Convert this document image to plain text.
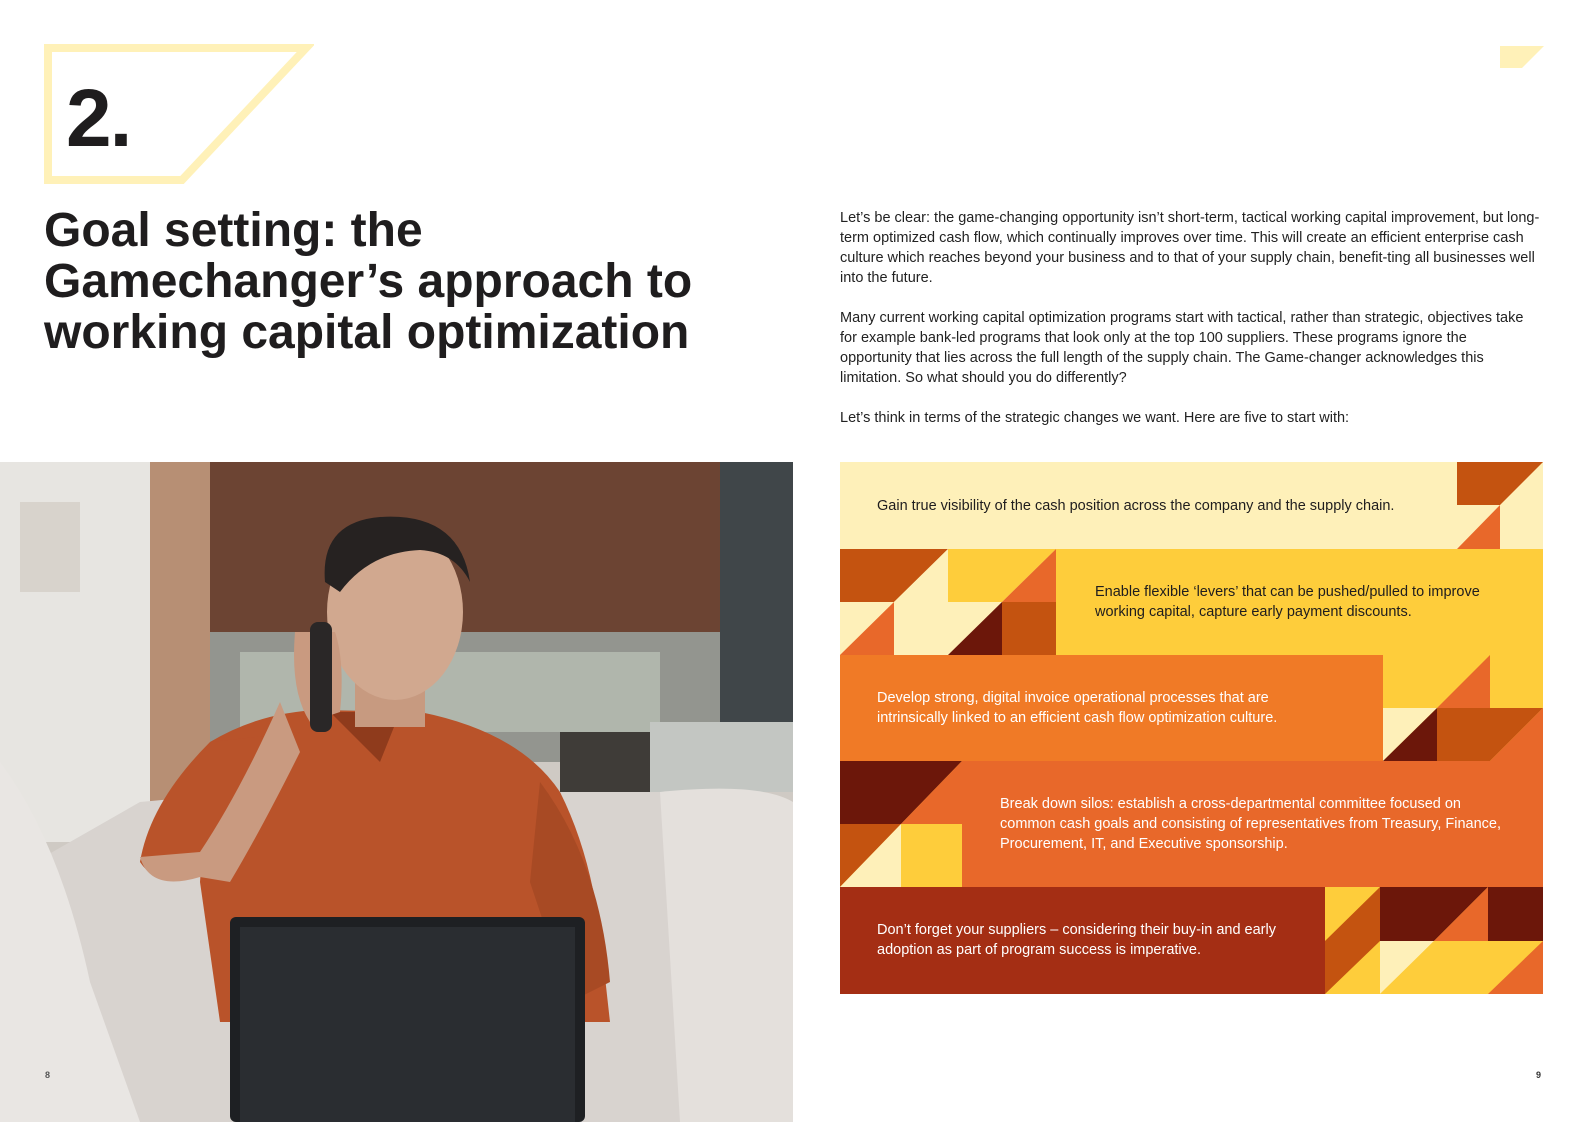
2.
Goal setting: the
Gamechanger’s approach to
working capital optimization

Let’s be clear: the game-changing opportunity isn’t short-term, tactical working capital improvement, but long-term optimized cash flow, which continually improves over time. This will create an efficient enterprise cash culture which reaches beyond your business and to that of your supply chain, benefit-ting all businesses well into the future.

Many current working capital optimization programs start with tactical, rather than strategic, objectives take for example bank-led programs that look only at the top 100 suppliers. These programs ignore the opportunity that lies across the full length of the supply chain. The Game-changer acknowledges this limitation. So what should you do differently?

Let’s think in terms of the strategic changes we want. Here are five to start with:

Gain true visibility of the cash position across the company and the supply chain.
Enable flexible ‘levers’ that can be pushed/pulled to improve working capital, capture early payment discounts.
Develop strong, digital invoice operational processes that are intrinsically linked to an efficient cash flow optimization culture.
Break down silos: establish a cross-departmental committee focused on common cash goals and consisting of representatives from Treasury, Finance, Procurement, IT, and Executive sponsorship.
Don’t forget your suppliers – considering their buy-in and early adoption as part of program success is imperative.
8	9
